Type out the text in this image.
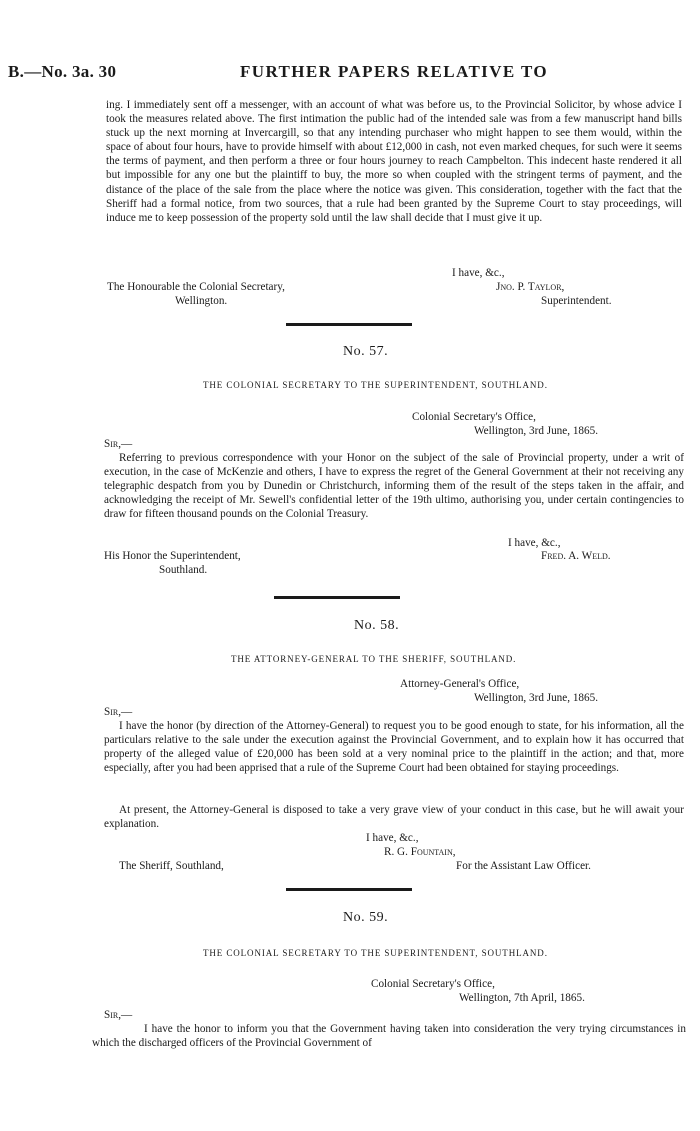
B.—No. 3a. 30	FURTHER PAPERS RELATIVE TO

ing. I immediately sent off a messenger, with an account of what was before us, to the Provincial Solicitor, by whose advice I took the measures related above. The first intimation the public had of the intended sale was from a few manuscript hand bills stuck up the next morning at Invercargill, so that any intending purchaser who might happen to see them would, within the space of about four hours, have to provide himself with about £12,000 in cash, not even marked cheques, for such were it seems the terms of payment, and then perform a three or four hours journey to reach Campbelton. This indecent haste rendered it all but impossible for any one but the plaintiff to buy, the more so when coupled with the stringent terms of payment, and the distance of the place of the sale from the place where the notice was given. This consideration, together with the fact that the Sheriff had a formal notice, from two sources, that a rule had been granted by the Supreme Court to stay proceedings, will induce me to keep possession of the property sold until the law shall decide that I must give it up.

I have, &c.,
Jno. P. Taylor,
The Honourable the Colonial Secretary,
Wellington.	Superintendent.
No. 57.
THE COLONIAL SECRETARY TO THE SUPERINTENDENT, SOUTHLAND.
Colonial Secretary's Office,
Wellington, 3rd June, 1865.
Sir,—

Referring to previous correspondence with your Honor on the subject of the sale of Provincial property, under a writ of execution, in the case of McKenzie and others, I have to express the regret of the General Government at their not receiving any telegraphic despatch from you by Dunedin or Christchurch, informing them of the result of the steps taken in the affair, and acknowledging the receipt of Mr. Sewell's confidential letter of the 19th ultimo, authorising you, under certain contingencies to draw for fifteen thousand pounds on the Colonial Treasury.

I have, &c.,
Fred. A. Weld.
His Honor the Superintendent,
Southland.
No. 58.
THE ATTORNEY-GENERAL TO THE SHERIFF, SOUTHLAND.
Attorney-General's Office,
Wellington, 3rd June, 1865.
Sir,—

I have the honor (by direction of the Attorney-General) to request you to be good enough to state, for his information, all the particulars relative to the sale under the execution against the Provincial Government, and to explain how it has occurred that property of the alleged value of £20,000 has been sold at a very nominal price to the plaintiff in the action; and that, more especially, after you had been apprised that a rule of the Supreme Court had been obtained for staying proceedings.

At present, the Attorney-General is disposed to take a very grave view of your conduct in this case, but he will await your explanation.

I have, &c.,
R. G. Fountain,
The Sheriff, Southland,	For the Assistant Law Officer.
No. 59.
THE COLONIAL SECRETARY TO THE SUPERINTENDENT, SOUTHLAND.
Colonial Secretary's Office,
Wellington, 7th April, 1865.
Sir,—

I have the honor to inform you that the Government having taken into consideration the very trying circumstances in which the discharged officers of the Provincial Government of
